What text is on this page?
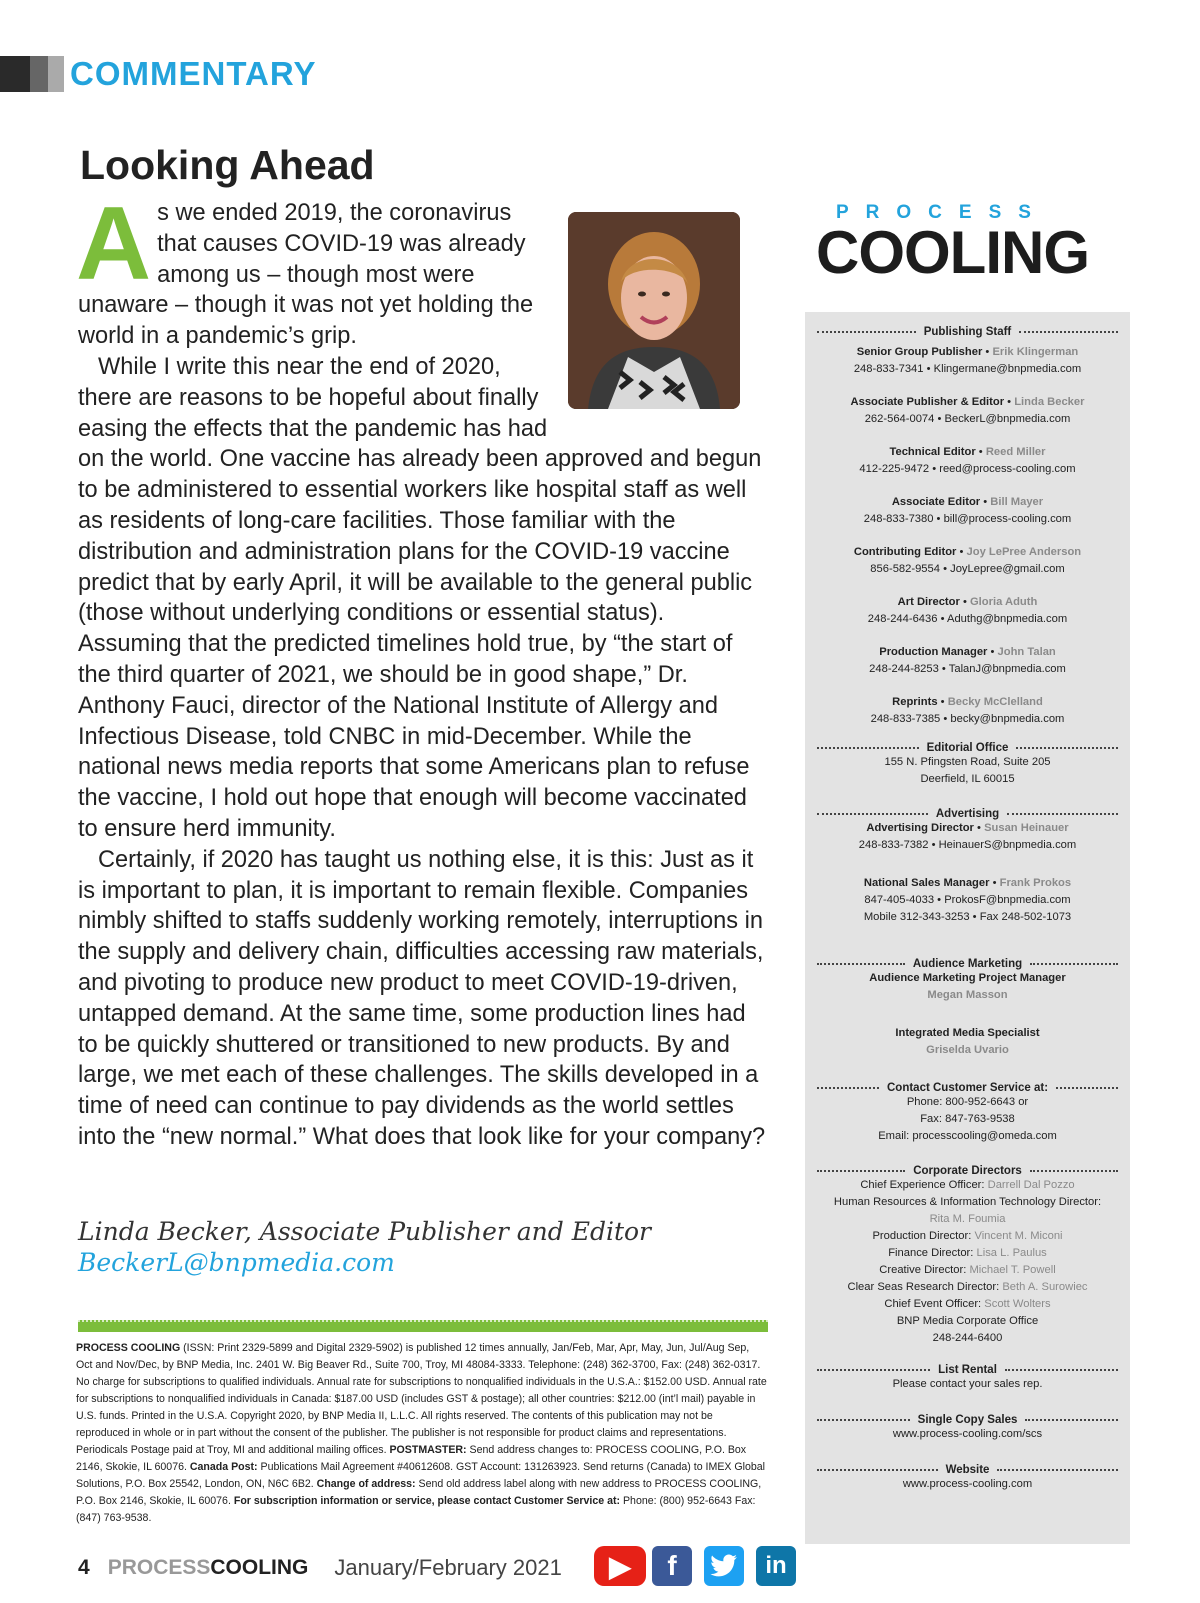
COMMENTARY
Looking Ahead

As we ended 2019, the coronavirus that causes COVID-19 was already among us – though most were unaware – though it was not yet holding the world in a pandemic’s grip.

While I write this near the end of 2020, there are reasons to be hopeful about finally easing the effects that the pandemic has had on the world. One vaccine has already been approved and begun to be administered to essential workers like hospital staff as well as residents of long-care facilities. Those familiar with the distribution and administration plans for the COVID-19 vaccine predict that by early April, it will be available to the general public (those without underlying conditions or essential status). Assuming that the predicted timelines hold true, by “the start of the third quarter of 2021, we should be in good shape,” Dr. Anthony Fauci, director of the National Institute of Allergy and Infectious Disease, told CNBC in mid-December. While the national news media reports that some Americans plan to refuse the vaccine, I hold out hope that enough will become vaccinated to ensure herd immunity.

Certainly, if 2020 has taught us nothing else, it is this: Just as it is important to plan, it is important to remain flexible. Companies nimbly shifted to staffs suddenly working remotely, interruptions in the supply and delivery chain, difficulties accessing raw materials, and pivoting to produce new product to meet COVID-19-driven, untapped demand. At the same time, some production lines had to be quickly shuttered or transitioned to new products. By and large, we met each of these challenges. The skills developed in a time of need can continue to pay dividends as the world settles into the “new normal.” What does that look like for your company?

Linda Becker, Associate Publisher and Editor
BeckerL@bnpmedia.com
PROCESS COOLING (ISSN: Print 2329-5899 and Digital 2329-5902) is published 12 times annually, Jan/Feb, Mar, Apr, May, Jun, Jul/Aug Sep, Oct and Nov/Dec, by BNP Media, Inc. 2401 W. Big Beaver Rd., Suite 700, Troy, MI 48084-3333. Telephone: (248) 362-3700, Fax: (248) 362-0317. No charge for subscriptions to qualified individuals. Annual rate for subscriptions to nonqualified individuals in the U.S.A.: $152.00 USD. Annual rate for subscriptions to nonqualified individuals in Canada: $187.00 USD (includes GST & postage); all other countries: $212.00 (int’l mail) payable in U.S. funds. Printed in the U.S.A. Copyright 2020, by BNP Media II, L.L.C. All rights reserved. The contents of this publication may not be reproduced in whole or in part without the consent of the publisher. The publisher is not responsible for product claims and representations. Periodicals Postage paid at Troy, MI and additional mailing offices. POSTMASTER: Send address changes to: PROCESS COOLING, P.O. Box 2146, Skokie, IL 60076. Canada Post: Publications Mail Agreement #40612608. GST Account: 131263923. Send returns (Canada) to IMEX Global Solutions, P.O. Box 25542, London, ON, N6C 6B2. Change of address: Send old address label along with new address to PROCESS COOLING, P.O. Box 2146, Skokie, IL 60076. For subscription information or service, please contact Customer Service at: Phone: (800) 952-6643 Fax: (847) 763-9538.
4 PROCESS COOLING January/February 2021	▶	f	in
PROCESS
COOLING
Publishing Staff
Senior Group Publisher • Erik Klingerman
248-833-7341 • Klingermane@bnpmedia.com
Associate Publisher & Editor • Linda Becker
262-564-0074 • BeckerL@bnpmedia.com
Technical Editor • Reed Miller
412-225-9472 • reed@process-cooling.com
Associate Editor • Bill Mayer
248-833-7380 • bill@process-cooling.com
Contributing Editor • Joy LePree Anderson
856-582-9554 • JoyLepree@gmail.com
Art Director • Gloria Aduth
248-244-6436 • Aduthg@bnpmedia.com
Production Manager • John Talan
248-244-8253 • TalanJ@bnpmedia.com
Reprints • Becky McClelland
248-833-7385 • becky@bnpmedia.com
Editorial Office
155 N. Pfingsten Road, Suite 205
Deerfield, IL 60015
Advertising
Advertising Director • Susan Heinauer
248-833-7382 • HeinauerS@bnpmedia.com
National Sales Manager • Frank Prokos
847-405-4033 • ProkosF@bnpmedia.com
Mobile 312-343-3253 • Fax 248-502-1073
Audience Marketing
Audience Marketing Project Manager
Megan Masson
Integrated Media Specialist
Griselda Uvario
Contact Customer Service at:
Phone: 800-952-6643 or
Fax: 847-763-9538
Email: processcooling@omeda.com
Corporate Directors
Chief Experience Officer: Darrell Dal Pozzo
Human Resources & Information Technology Director:
Rita M. Foumia
Production Director: Vincent M. Miconi
Finance Director: Lisa L. Paulus
Creative Director: Michael T. Powell
Clear Seas Research Director: Beth A. Surowiec
Chief Event Officer: Scott Wolters
BNP Media Corporate Office
248-244-6400
List Rental
Please contact your sales rep.
Single Copy Sales
www.process-cooling.com/scs
Website
www.process-cooling.com
